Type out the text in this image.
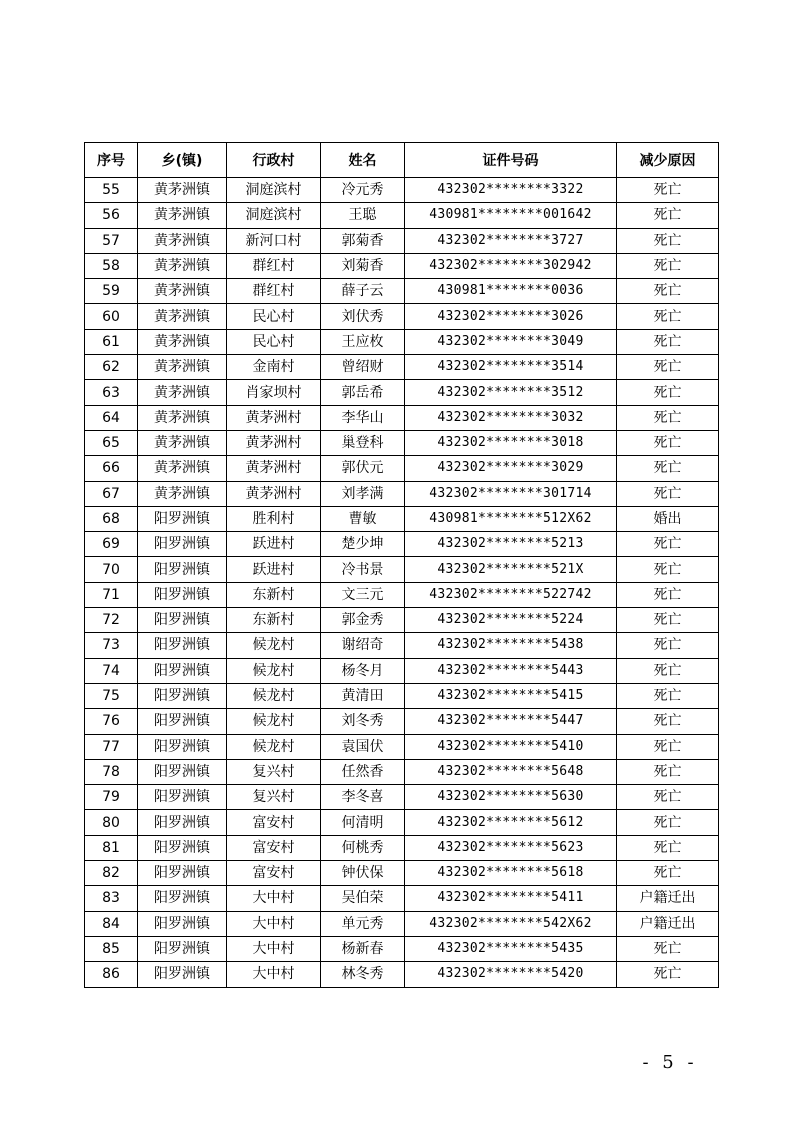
序号	乡(镇)	行政村	姓名	证件号码	减少原因
55	黄茅洲镇	洞庭滨村	冷元秀	432302********3322	死亡
56	黄茅洲镇	洞庭滨村	王聪	430981********001642	死亡
57	黄茅洲镇	新河口村	郭菊香	432302********3727	死亡
58	黄茅洲镇	群红村	刘菊香	432302********302942	死亡
59	黄茅洲镇	群红村	薛子云	430981********0036	死亡
60	黄茅洲镇	民心村	刘伏秀	432302********3026	死亡
61	黄茅洲镇	民心村	王应枚	432302********3049	死亡
62	黄茅洲镇	金南村	曾绍财	432302********3514	死亡
63	黄茅洲镇	肖家坝村	郭岳希	432302********3512	死亡
64	黄茅洲镇	黄茅洲村	李华山	432302********3032	死亡
65	黄茅洲镇	黄茅洲村	巢登科	432302********3018	死亡
66	黄茅洲镇	黄茅洲村	郭伏元	432302********3029	死亡
67	黄茅洲镇	黄茅洲村	刘孝满	432302********301714	死亡
68	阳罗洲镇	胜利村	曹敏	430981********512X62	婚出
69	阳罗洲镇	跃进村	楚少坤	432302********5213	死亡
70	阳罗洲镇	跃进村	冷书景	432302********521X	死亡
71	阳罗洲镇	东新村	文三元	432302********522742	死亡
72	阳罗洲镇	东新村	郭金秀	432302********5224	死亡
73	阳罗洲镇	候龙村	谢绍奇	432302********5438	死亡
74	阳罗洲镇	候龙村	杨冬月	432302********5443	死亡
75	阳罗洲镇	候龙村	黄清田	432302********5415	死亡
76	阳罗洲镇	候龙村	刘冬秀	432302********5447	死亡
77	阳罗洲镇	候龙村	袁国伏	432302********5410	死亡
78	阳罗洲镇	复兴村	任然香	432302********5648	死亡
79	阳罗洲镇	复兴村	李冬喜	432302********5630	死亡
80	阳罗洲镇	富安村	何清明	432302********5612	死亡
81	阳罗洲镇	富安村	何桃秀	432302********5623	死亡
82	阳罗洲镇	富安村	钟伏保	432302********5618	死亡
83	阳罗洲镇	大中村	吴伯荣	432302********5411	户籍迁出
84	阳罗洲镇	大中村	单元秀	432302********542X62	户籍迁出
85	阳罗洲镇	大中村	杨新春	432302********5435	死亡
86	阳罗洲镇	大中村	林冬秀	432302********5420	死亡
- 5 -
